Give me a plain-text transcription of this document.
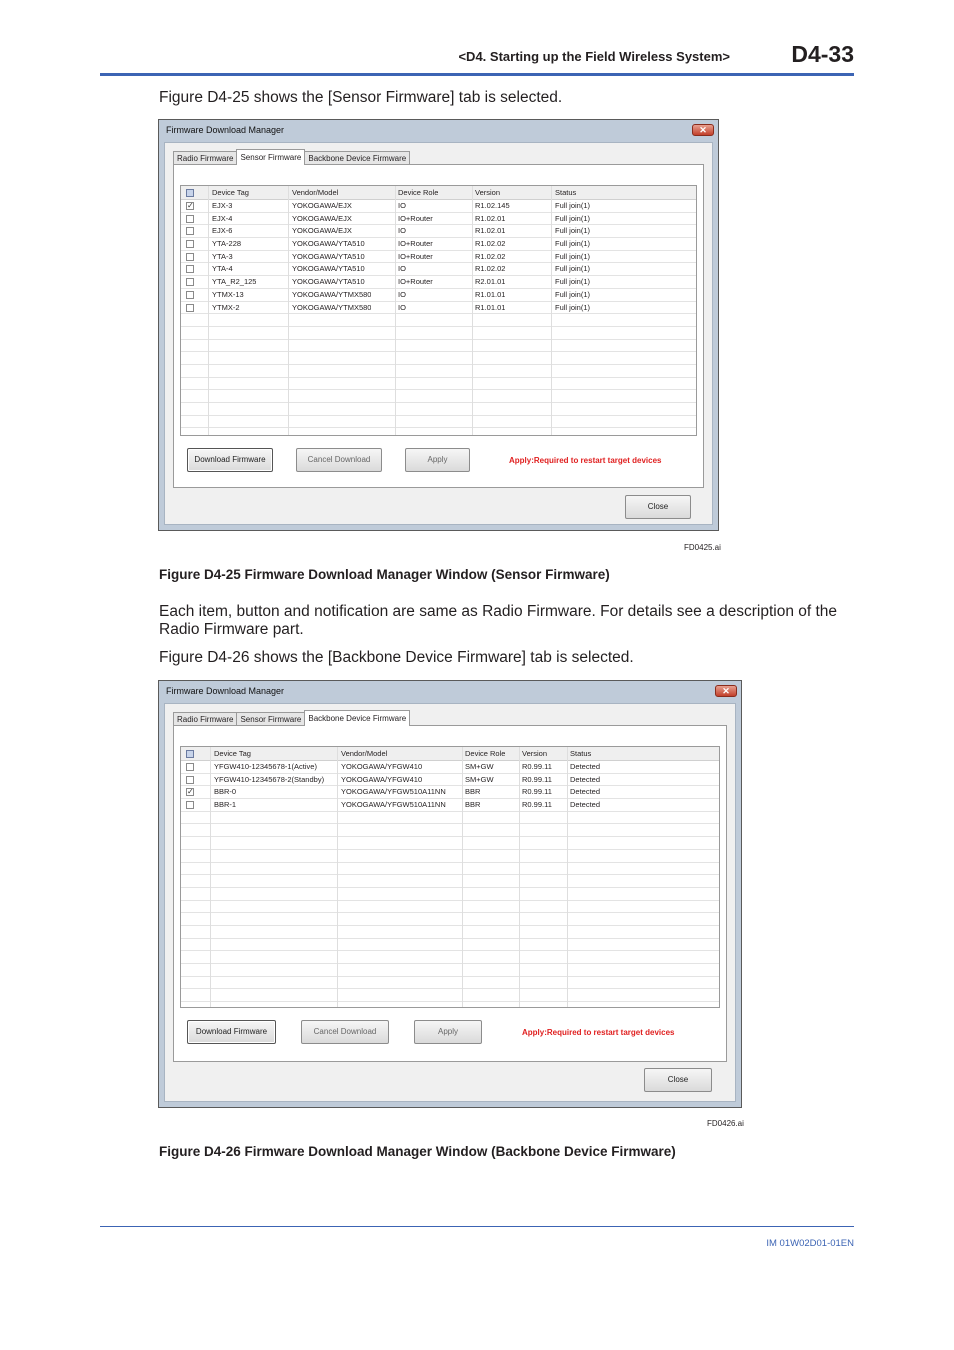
<D4. Starting up the Field Wireless System>	D4-33
Figure D4-25 shows the [Sensor Firmware] tab is selected.
Firmware Download Manager	✕
Radio Firmware Sensor Firmware Backbone Device Firmware
Device Tag	Vendor/Model	Device Role	Version	Status
✓ EJX-3	YOKOGAWA/EJX	IO	R1.02.145	Full join(1)
EJX-4	YOKOGAWA/EJX	IO+Router	R1.02.01	Full join(1)
EJX-6	YOKOGAWA/EJX	IO	R1.02.01	Full join(1)
YTA-228	YOKOGAWA/YTA510	IO+Router	R1.02.02	Full join(1)
YTA-3	YOKOGAWA/YTA510	IO+Router	R1.02.02	Full join(1)
YTA-4	YOKOGAWA/YTA510	IO	R1.02.02	Full join(1)
YTA_R2_125	YOKOGAWA/YTA510	IO+Router	R2.01.01	Full join(1)
YTMX-13	YOKOGAWA/YTMX580	IO	R1.01.01	Full join(1)
YTMX-2	YOKOGAWA/YTMX580	IO	R1.01.01	Full join(1)
Download Firmware	Cancel Download	Apply	Apply:Required to restart target devices
Close
FD0425.ai
Figure D4-25 Firmware Download Manager Window (Sensor Firmware)
Each item, button and notification are same as Radio Firmware. For details see a description of the Radio Firmware part.
Figure D4-26 shows the [Backbone Device Firmware] tab is selected.
Firmware Download Manager	✕
Radio Firmware Sensor Firmware Backbone Device Firmware
Device Tag	Vendor/Model	Device Role Version	Status
YFGW410-12345678-1(Active)	YOKOGAWA/YFGW410	SM+GW	R0.99.11 Detected
YFGW410-12345678-2(Standby) YOKOGAWA/YFGW410	SM+GW	R0.99.11 Detected
✓	BBR-0	YOKOGAWA/YFGW510A11NN	BBR	R0.99.11 Detected
BBR-1	YOKOGAWA/YFGW510A11NN	BBR	R0.99.11 Detected
Download Firmware	Cancel Download	Apply	Apply:Required to restart target devices
Close
FD0426.ai
Figure D4-26 Firmware Download Manager Window (Backbone Device Firmware)
IM 01W02D01-01EN
